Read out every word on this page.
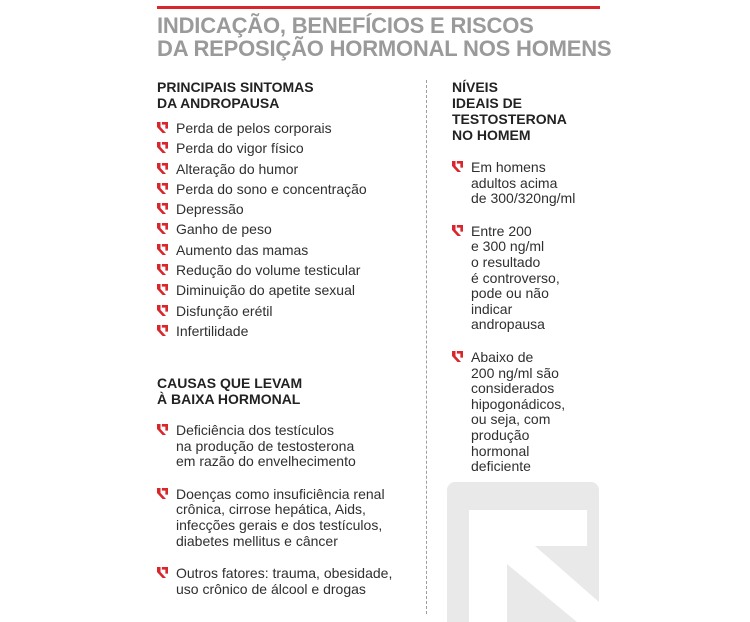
INDICAÇÃO, BENEFÍCIOS E RISCOS
DA REPOSIÇÃO HORMONAL NOS HOMENS
PRINCIPAIS SINTOMAS
DA ANDROPAUSA
Perda de pelos corporais
Perda do vigor físico
Alteração do humor
Perda do sono e concentração
Depressão
Ganho de peso
Aumento das mamas
Redução do volume testicular
Diminuição do apetite sexual
Disfunção erétil
Infertilidade
CAUSAS QUE LEVAM
À BAIXA HORMONAL
Deficiência dos testículos
na produção de testosterona
em razão do envelhecimento
Doenças como insuficiência renal
crônica, cirrose hepática, Aids,
infecções gerais e dos testículos,
diabetes mellitus e câncer
Outros fatores: trauma, obesidade,
uso crônico de álcool e drogas
NÍVEIS
IDEAIS DE
TESTOSTERONA
NO HOMEM
Em homens
adultos acima
de 300/320ng/ml
Entre 200
e 300 ng/ml
o resultado
é controverso,
pode ou não
indicar
andropausa
Abaixo de
200 ng/ml são
considerados
hipogonádicos,
ou seja, com
produção
hormonal
deficiente
